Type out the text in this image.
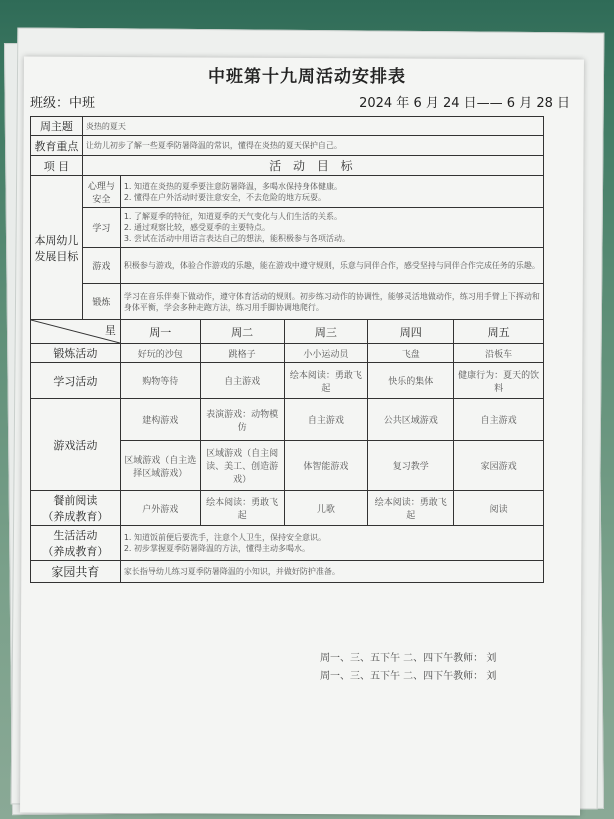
中班第十九周活动安排表
班级：中班	2024 年 6 月 24 日—— 6 月 28 日
周主题	炎热的夏天					
教育重点	让幼儿初步了解一些夏季防暑降温的常识，懂得在炎热的夏天保护自己。					
项 目	活 动 目 标					
本周幼儿发展目标	心理与安全	1. 知道在炎热的夏季要注意防暑降温，多喝水保持身体健康。
2. 懂得在户外活动时要注意安全，不去危险的地方玩耍。				
	学习	1. 了解夏季的特征，知道夏季的天气变化与人们生活的关系。
2. 通过观察比较，感受夏季的主要特点。
3. 尝试在活动中用语言表达自己的想法，能积极参与各项活动。				
	游戏	积极参与游戏，体验合作游戏的乐趣，能在游戏中遵守规则，乐意与同伴合作，感受坚持与同伴合作完成任务的乐趣。				
	锻炼	学习在音乐伴奏下做动作，遵守体育活动的规则。初步练习动作的协调性，能够灵活地做动作，练习用手臂上下挥动和身体平衡，学会多种走跑方法，练习用手脚协调地爬行。				

星		周一	周二	周三	周四	周五
锻炼活动		好玩的沙包	跳格子	小小运动员	飞盘	沿板车
学习活动		购物等待	自主游戏	绘本阅读：勇敢飞起	快乐的集体	健康行为：夏天的饮料
游戏活动		建构游戏	表演游戏：动物模仿	自主游戏	公共区域游戏	自主游戏
		区域游戏（自主选择区域游戏）	区域游戏（自主阅读、美工、创造游戏）	体智能游戏	复习教学	家园游戏
餐前阅读
（养成教育）		户外游戏	绘本阅读：勇敢飞起	儿歌	绘本阅读：勇敢飞起	阅读
生活活动
（养成教育）		1. 知道饭前便后要洗手，注意个人卫生，保持安全意识。
2. 初步掌握夏季防暑降温的方法，懂得主动多喝水。				
家园共育		家长指导幼儿练习夏季防暑降温的小知识，并做好防护准备。				
周一、三、五下午 二、四下午教师： 刘
周一、三、五下午 二、四下午教师： 刘
